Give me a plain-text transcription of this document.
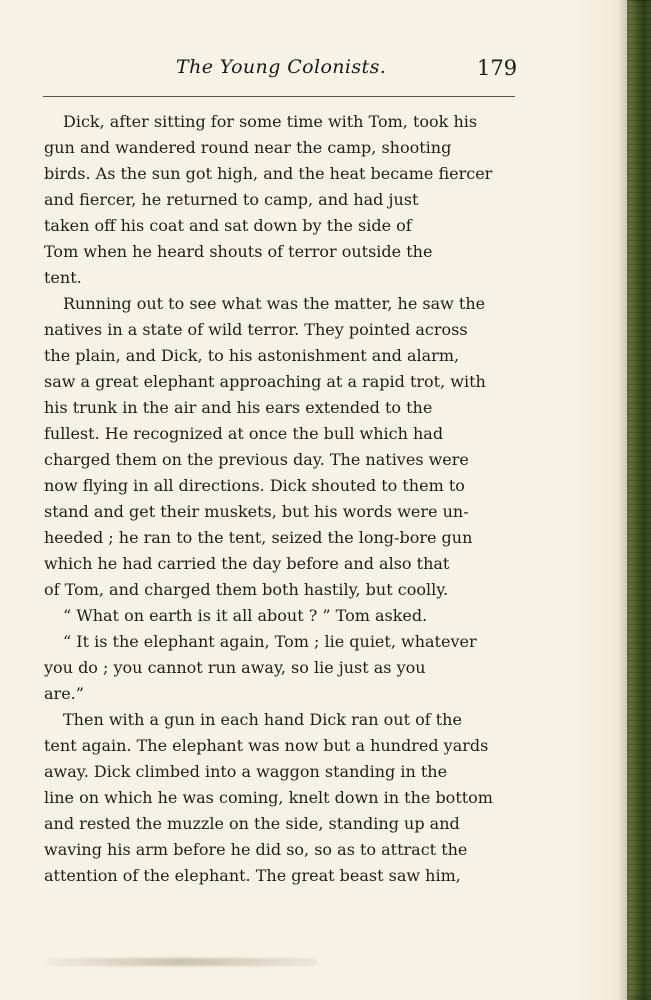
The Young Colonists.	179
Dick, after sitting for some time with Tom, took his
gun and wandered round near the camp, shooting
birds. As the sun got high, and the heat became fiercer
and fiercer, he returned to camp, and had just
taken off his coat and sat down by the side of
Tom when he heard shouts of terror outside the
tent.
Running out to see what was the matter, he saw the
natives in a state of wild terror. They pointed across
the plain, and Dick, to his astonishment and alarm,
saw a great elephant approaching at a rapid trot, with
his trunk in the air and his ears extended to the
fullest. He recognized at once the bull which had
charged them on the previous day. The natives were
now flying in all directions. Dick shouted to them to
stand and get their muskets, but his words were un-
heeded ; he ran to the tent, seized the long-bore gun
which he had carried the day before and also that
of Tom, and charged them both hastily, but coolly.
“ What on earth is it all about ? ” Tom asked.
“ It is the elephant again, Tom ; lie quiet, whatever
you do ; you cannot run away, so lie just as you
are.”
Then with a gun in each hand Dick ran out of the
tent again. The elephant was now but a hundred yards
away. Dick climbed into a waggon standing in the
line on which he was coming, knelt down in the bottom
and rested the muzzle on the side, standing up and
waving his arm before he did so, so as to attract the
attention of the elephant. The great beast saw him,
